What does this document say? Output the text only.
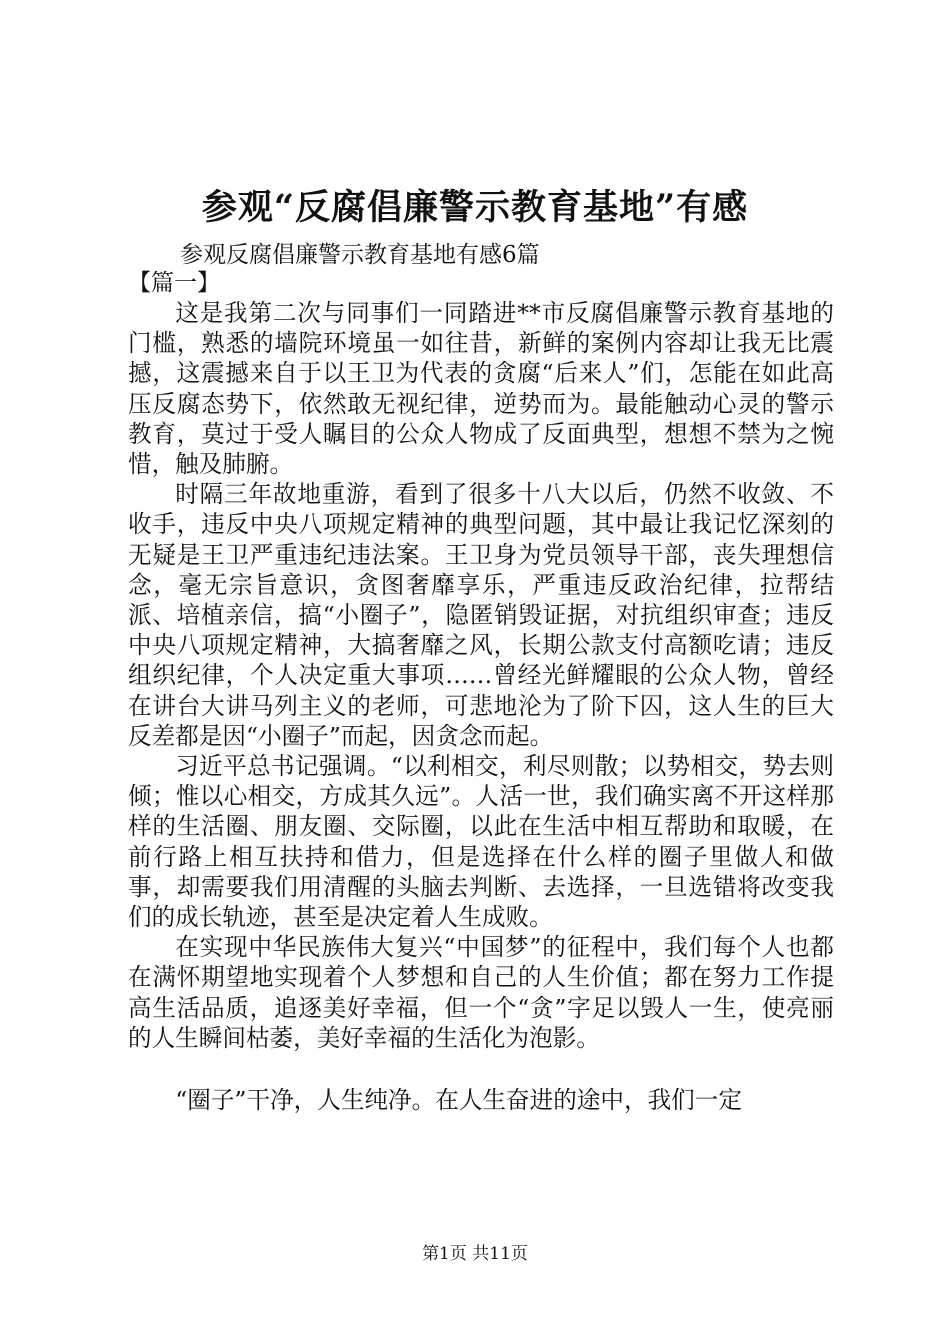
参观“反腐倡廉警示教育基地”有感
参观反腐倡廉警示教育基地有感6篇
【篇一】

这是我第二次与同事们一同踏进**市反腐倡廉警示教育基地的门槛，熟悉的墙院环境虽一如往昔，新鲜的案例内容却让我无比震撼，这震撼来自于以王卫为代表的贪腐“后来人”们，怎能在如此高压反腐态势下，依然敢无视纪律，逆势而为。最能触动心灵的警示教育，莫过于受人瞩目的公众人物成了反面典型，想想不禁为之惋惜，触及肺腑。

时隔三年故地重游，看到了很多十八大以后，仍然不收敛、不收手，违反中央八项规定精神的典型问题，其中最让我记忆深刻的无疑是王卫严重违纪违法案。王卫身为党员领导干部，丧失理想信念，毫无宗旨意识，贪图奢靡享乐，严重违反政治纪律，拉帮结派、培植亲信，搞“小圈子”，隐匿销毁证据，对抗组织审查；违反中央八项规定精神，大搞奢靡之风，长期公款支付高额吃请；违反组织纪律，个人决定重大事项……曾经光鲜耀眼的公众人物，曾经在讲台大讲马列主义的老师，可悲地沦为了阶下囚，这人生的巨大反差都是因“小圈子”而起，因贪念而起。

习近平总书记强调。“以利相交，利尽则散；以势相交，势去则倾；惟以心相交，方成其久远”。人活一世，我们确实离不开这样那样的生活圈、朋友圈、交际圈，以此在生活中相互帮助和取暖，在前行路上相互扶持和借力，但是选择在什么样的圈子里做人和做事，却需要我们用清醒的头脑去判断、去选择，一旦选错将改变我们的成长轨迹，甚至是决定着人生成败。

在实现中华民族伟大复兴“中国梦”的征程中，我们每个人也都在满怀期望地实现着个人梦想和自己的人生价值；都在努力工作提高生活品质，追逐美好幸福，但一个“贪”字足以毁人一生，使亮丽的人生瞬间枯萎，美好幸福的生活化为泡影。

“圈子”干净，人生纯净。在人生奋进的途中，我们一定

第1页 共11页
